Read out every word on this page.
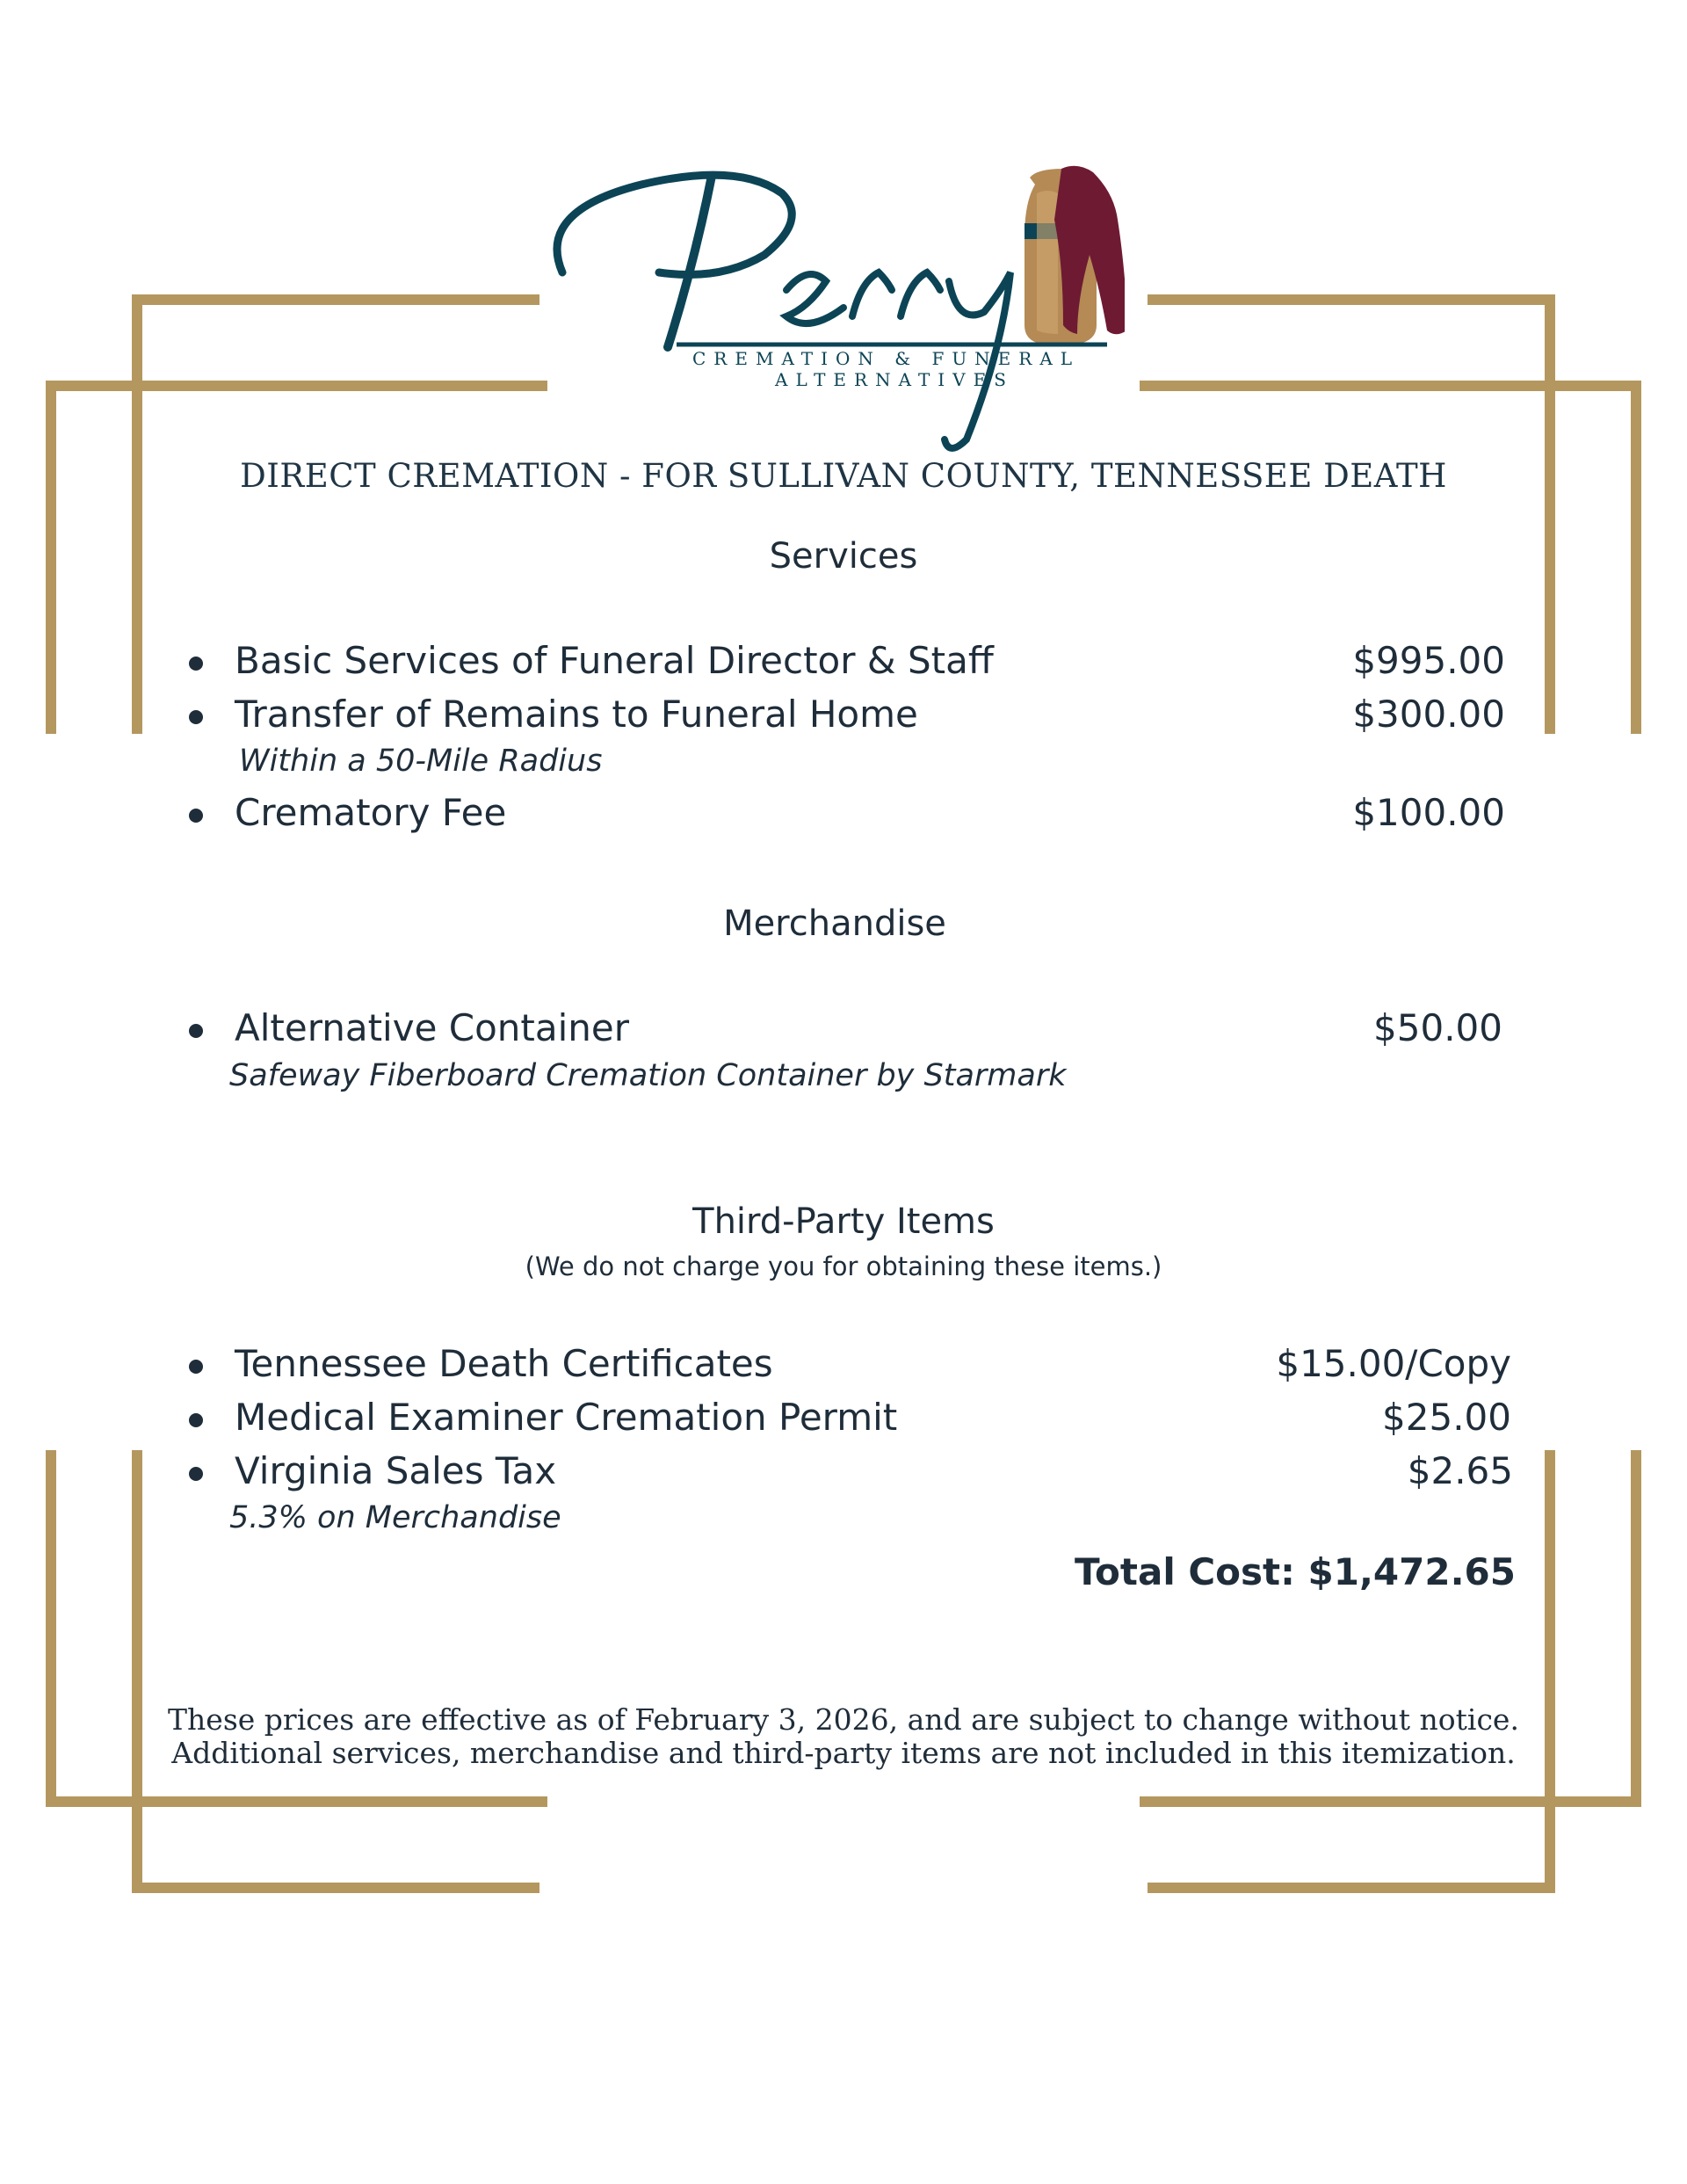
CREMATION & FUNERAL
ALTERNATIVES
DIRECT CREMATION - FOR SULLIVAN COUNTY, TENNESSEE DEATH
Services
Basic Services of Funeral Director & Staff	$995.00
Transfer of Remains to Funeral Home	$300.00
Within a 50-Mile Radius
Crematory Fee	$100.00
Merchandise
Alternative Container	$50.00
Safeway Fiberboard Cremation Container by Starmark
Third-Party Items
(We do not charge you for obtaining these items.)
Tennessee Death Certificates	$15.00/Copy
Medical Examiner Cremation Permit	$25.00
Virginia Sales Tax	$2.65
5.3% on Merchandise
Total Cost: $1,472.65
These prices are effective as of February 3, 2026, and are subject to change without notice.
Additional services, merchandise and third-party items are not included in this itemization.
